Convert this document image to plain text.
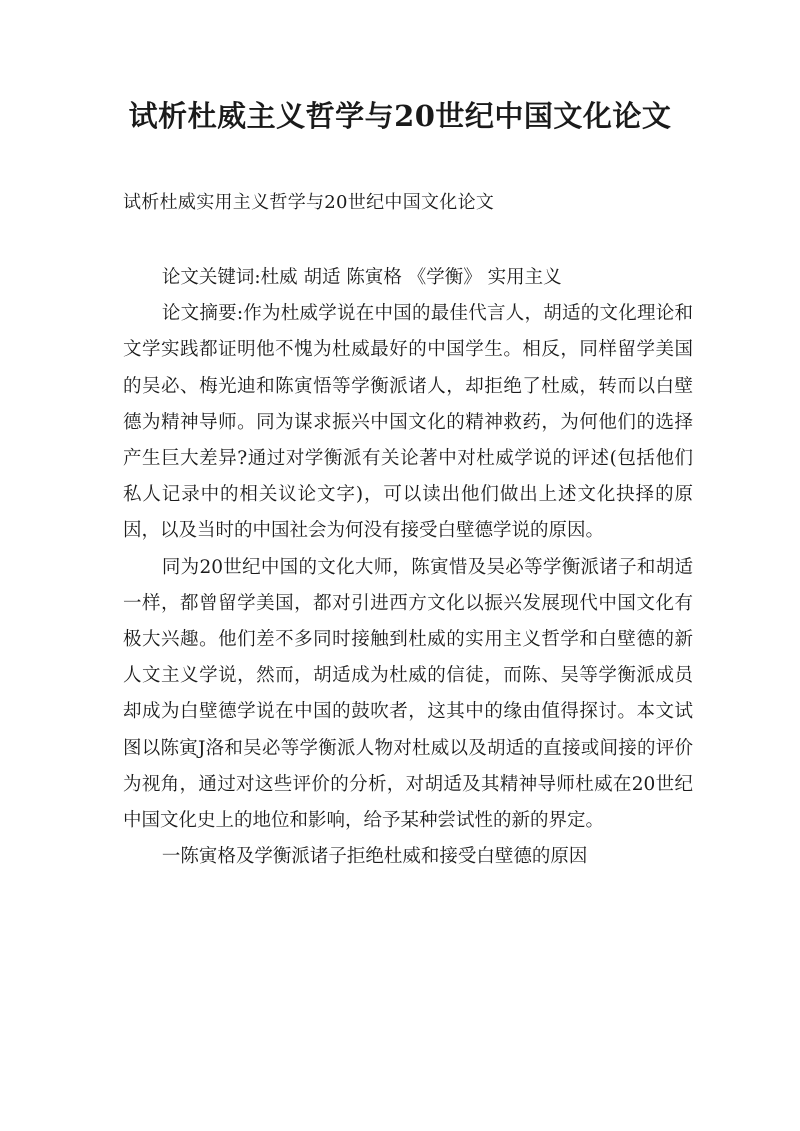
试析杜威主义哲学与20世纪中国文化论文

试析杜威实用主义哲学与20世纪中国文化论文

论文关键词:杜威 胡适 陈寅格 《学衡》 实用主义

论文摘要:作为杜威学说在中国的最佳代言人，胡适的文化理论和文学实践都证明他不愧为杜威最好的中国学生。相反，同样留学美国的吴必、梅光迪和陈寅悟等学衡派诸人，却拒绝了杜威，转而以白壁德为精神导师。同为谋求振兴中国文化的精神救药，为何他们的选择产生巨大差异?通过对学衡派有关论著中对杜威学说的评述(包括他们私人记录中的相关议论文字)，可以读出他们做出上述文化抉择的原因，以及当时的中国社会为何没有接受白壁德学说的原因。

同为20世纪中国的文化大师，陈寅惜及吴必等学衡派诸子和胡适一样，都曾留学美国，都对引进西方文化以振兴发展现代中国文化有极大兴趣。他们差不多同时接触到杜威的实用主义哲学和白壁德的新人文主义学说，然而，胡适成为杜威的信徒，而陈、吴等学衡派成员却成为白壁德学说在中国的鼓吹者，这其中的缘由值得探讨。本文试图以陈寅J洛和吴必等学衡派人物对杜威以及胡适的直接或间接的评价为视角，通过对这些评价的分析，对胡适及其精神导师杜威在20世纪中国文化史上的地位和影响，给予某种尝试性的新的界定。

一陈寅格及学衡派诸子拒绝杜威和接受白壁德的原因
